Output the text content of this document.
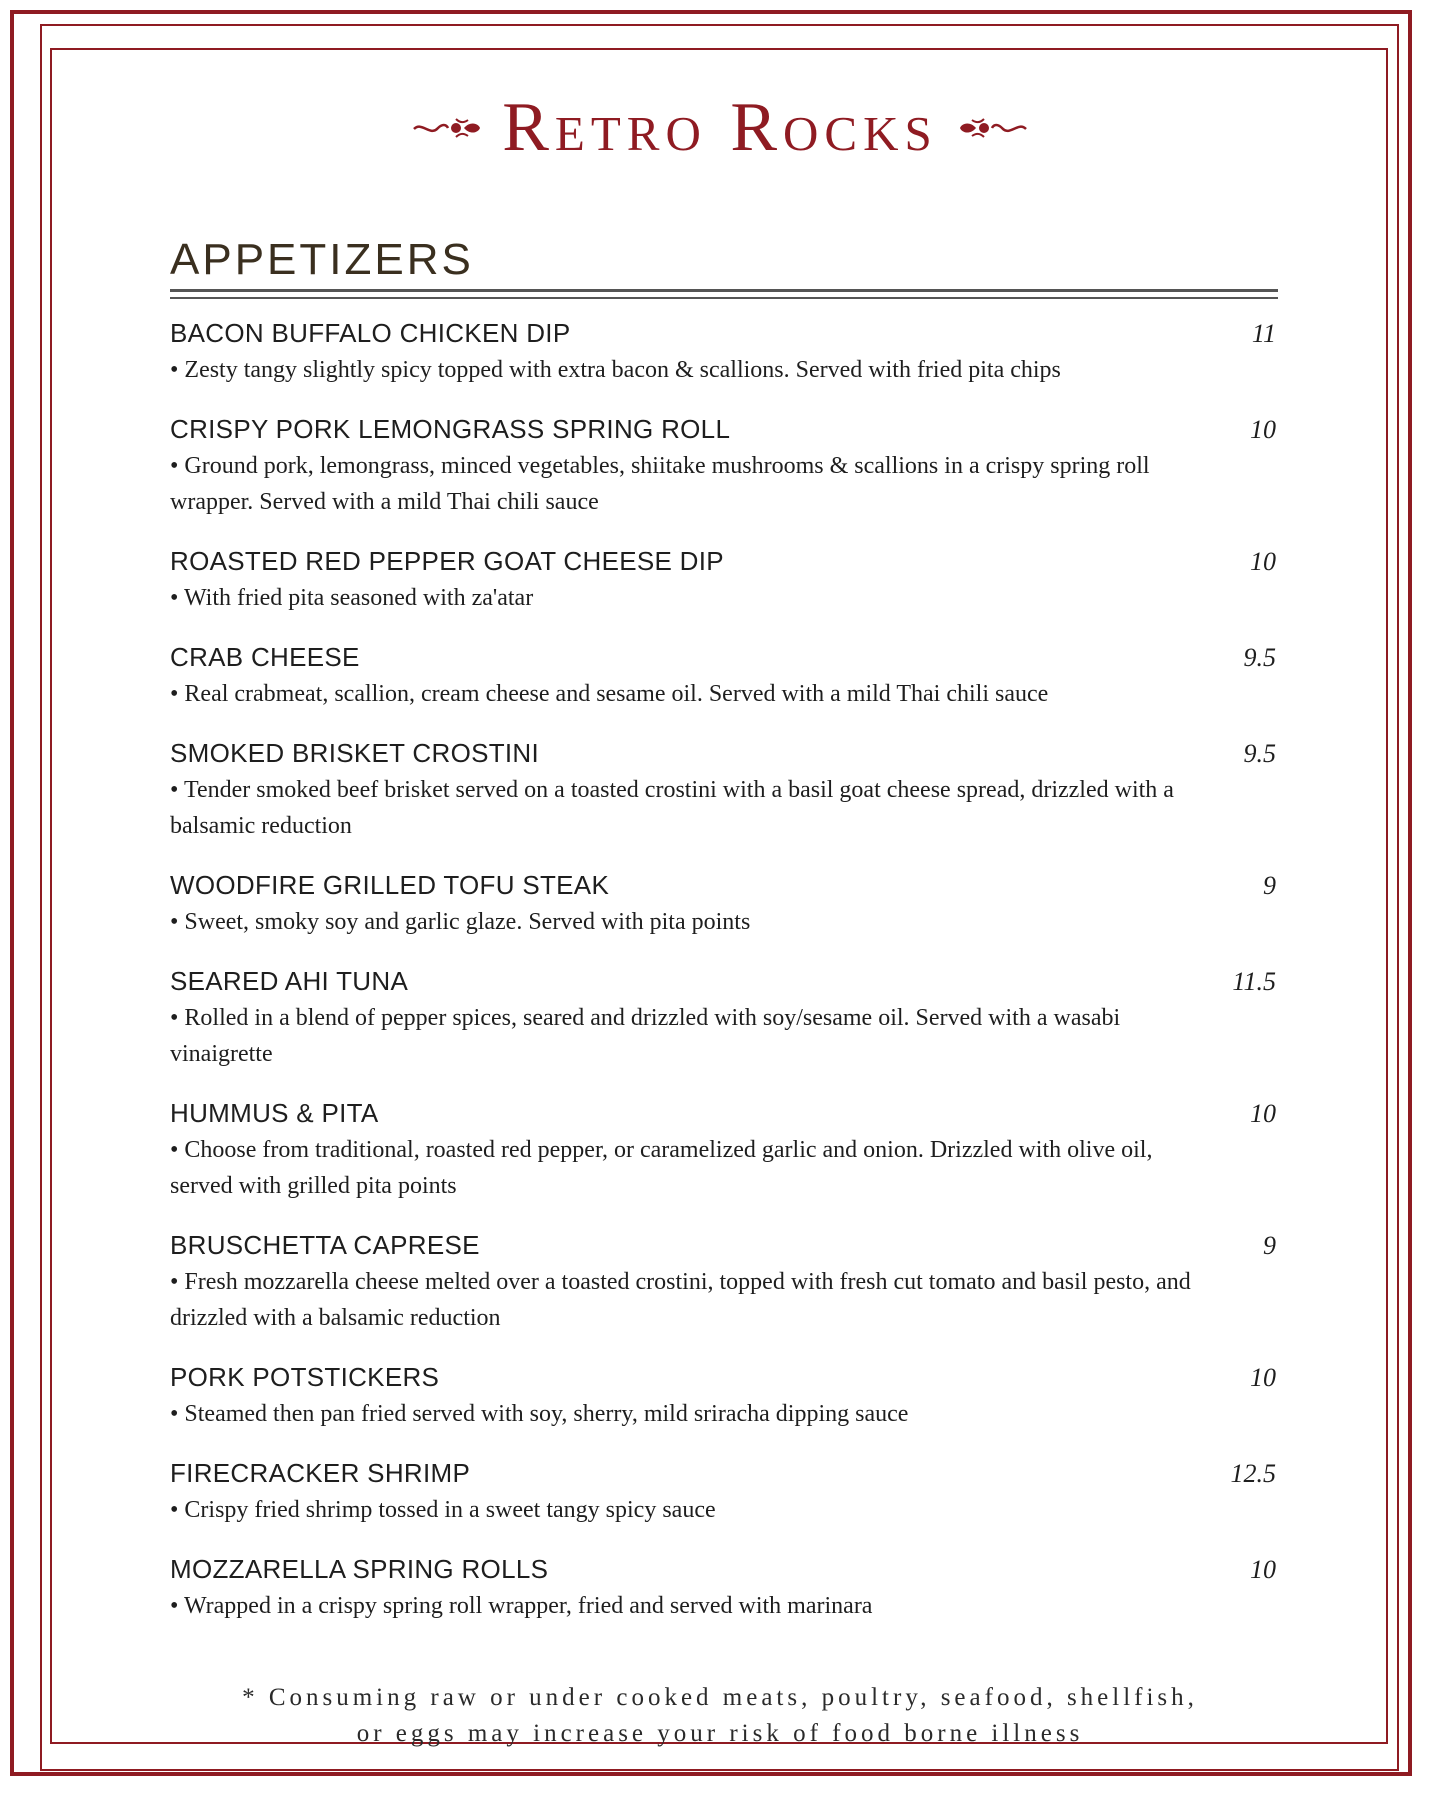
Retro Rocks
APPETIZERS
BACON BUFFALO CHICKEN DIP	11
• Zesty tangy slightly spicy topped with extra bacon & scallions. Served with fried pita chips
CRISPY PORK LEMONGRASS SPRING ROLL	10
• Ground pork, lemongrass, minced vegetables, shiitake mushrooms & scallions in a crispy spring roll wrapper. Served with a mild Thai chili sauce
ROASTED RED PEPPER GOAT CHEESE DIP	10
• With fried pita seasoned with za'atar
CRAB CHEESE	9.5
• Real crabmeat, scallion, cream cheese and sesame oil. Served with a mild Thai chili sauce
SMOKED BRISKET CROSTINI	9.5
• Tender smoked beef brisket served on a toasted crostini with a basil goat cheese spread, drizzled with a balsamic reduction
WOODFIRE GRILLED TOFU STEAK	9
• Sweet, smoky soy and garlic glaze. Served with pita points
SEARED AHI TUNA	11.5
• Rolled in a blend of pepper spices, seared and drizzled with soy/sesame oil. Served with a wasabi vinaigrette
HUMMUS & PITA	10
• Choose from traditional, roasted red pepper, or caramelized garlic and onion. Drizzled with olive oil, served with grilled pita points
BRUSCHETTA CAPRESE	9
• Fresh mozzarella cheese melted over a toasted crostini, topped with fresh cut tomato and basil pesto, and drizzled with a balsamic reduction
PORK POTSTICKERS	10
• Steamed then pan fried served with soy, sherry, mild sriracha dipping sauce
FIRECRACKER SHRIMP	12.5
• Crispy fried shrimp tossed in a sweet tangy spicy sauce
MOZZARELLA SPRING ROLLS	10
• Wrapped in a crispy spring roll wrapper, fried and served with marinara
* Consuming raw or under cooked meats, poultry, seafood, shellfish,
or eggs may increase your risk of food borne illness
